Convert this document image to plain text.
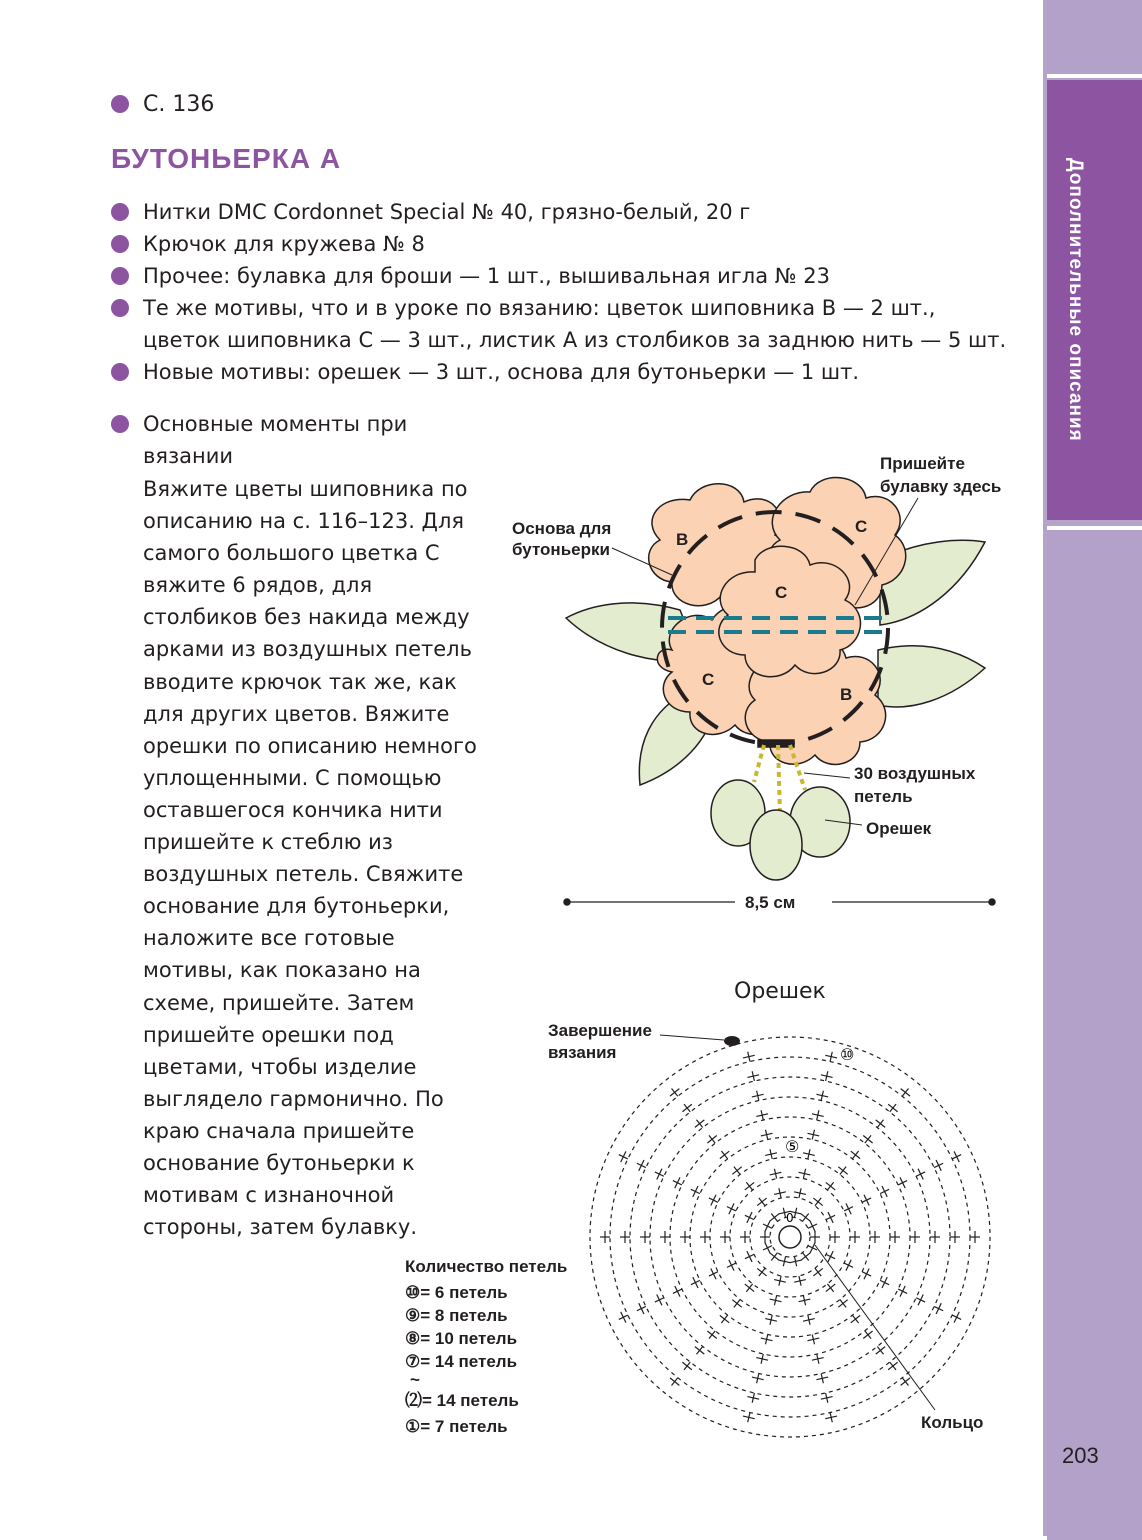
Дополнительные описания
203
С. 136
БУТОНЬЕРКА А
Нитки DMC Cordonnet Special № 40, грязно-белый, 20 г
Крючок для кружева № 8
Прочее: булавка для броши — 1 шт., вышивальная игла № 23
Те же мотивы, что и в уроке по вязанию: цветок шиповника В — 2 шт., цветок шиповника С — 3 шт., листик А из столбиков за заднюю нить — 5 шт.
Новые мотивы: орешек — 3 шт., основа для бутоньерки — 1 шт.
Основные моменты при вязании
Вяжите цветы шиповника по описанию на с. 116–123. Для самого большого цветка С вяжите 6 рядов, для столбиков без накида между арками из воздушных петель вводите крючок так же, как для других цветов. Вяжите орешки по описанию немного уплощенными. С помощью оставшегося кончика нити пришейте к стеблю из воздушных петель. Свяжите основание для бутоньерки, наложите все готовые мотивы, как показано на схеме, пришейте. Затем пришейте орешки под цветами, чтобы изделие выглядело гармонично. По краю сначала пришейте основание бутоньерки к мотивам с изнаночной стороны, затем булавку.
Основа для
бутоньерки
Пришейте
булавку здесь
30 воздушных
петель
Орешек
8,5 см
B
C
C
C
B
Орешек
0
⑩
⑤
Завершение
вязания
Кольцо
Количество петель
⑩= 6 петель
⑨= 8 петель
⑧= 10 петель
⑦= 14 петель
~
⑵= 14 петель
①= 7 петель
